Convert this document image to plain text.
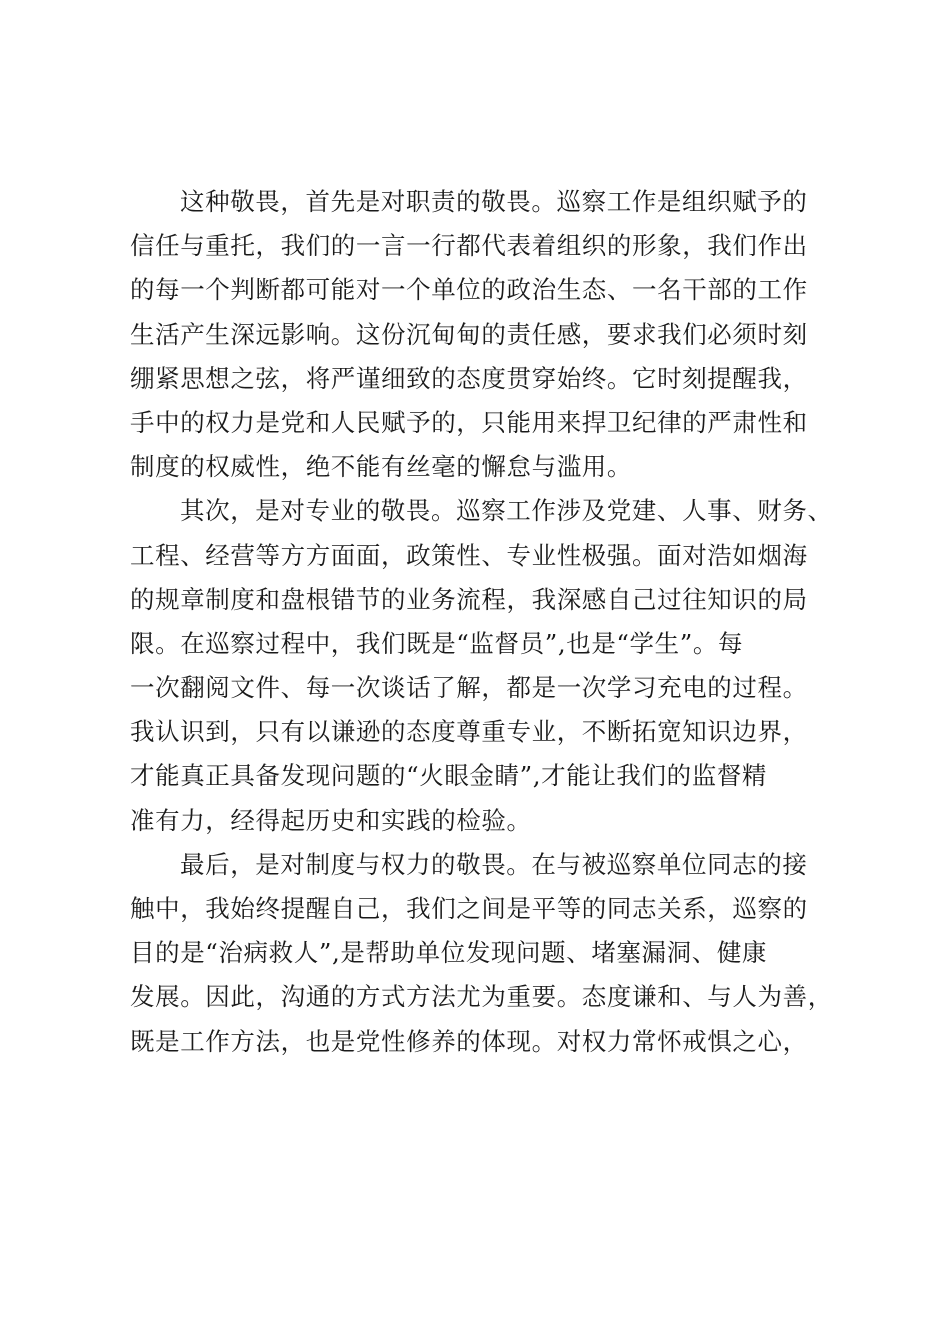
这种敬畏，首先是对职责的敬畏。巡察工作是组织赋予的
信任与重托，我们的一言一行都代表着组织的形象，我们作出
的每一个判断都可能对一个单位的政治生态、一名干部的工作
生活产生深远影响。这份沉甸甸的责任感，要求我们必须时刻
绷紧思想之弦，将严谨细致的态度贯穿始终。它时刻提醒我，
手中的权力是党和人民赋予的，只能用来捍卫纪律的严肃性和
制度的权威性，绝不能有丝毫的懈怠与滥用。
其次，是对专业的敬畏。巡察工作涉及党建、人事、财务、
工程、经营等方方面面，政策性、专业性极强。面对浩如烟海
的规章制度和盘根错节的业务流程，我深感自己过往知识的局
限。在巡察过程中，我们既是“监督员”,也是“学生”。每
一次翻阅文件、每一次谈话了解，都是一次学习充电的过程。
我认识到，只有以谦逊的态度尊重专业，不断拓宽知识边界，
才能真正具备发现问题的“火眼金睛”,才能让我们的监督精
准有力，经得起历史和实践的检验。
最后，是对制度与权力的敬畏。在与被巡察单位同志的接
触中，我始终提醒自己，我们之间是平等的同志关系，巡察的
目的是“治病救人”,是帮助单位发现问题、堵塞漏洞、健康
发展。因此，沟通的方式方法尤为重要。态度谦和、与人为善，
既是工作方法，也是党性修养的体现。对权力常怀戒惧之心，
